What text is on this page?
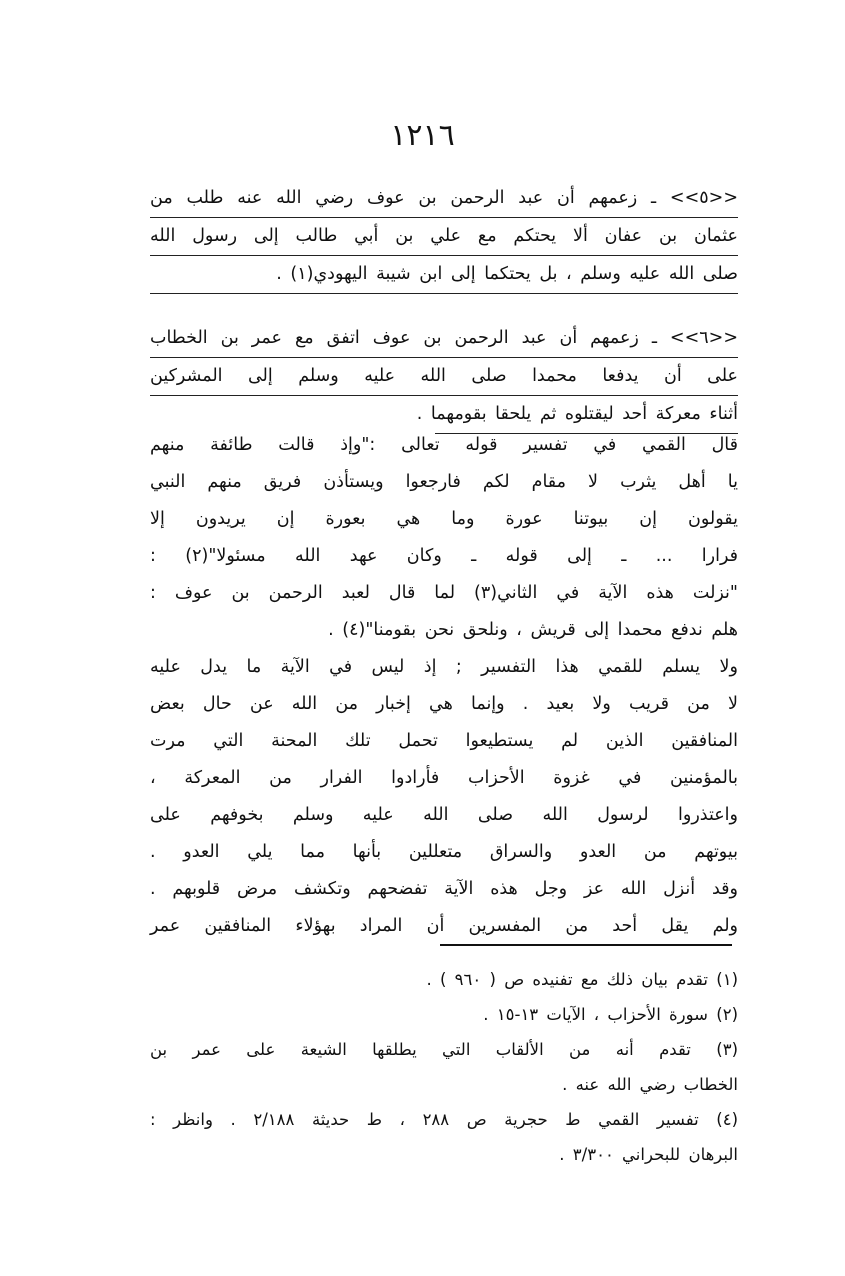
١٢١٦
<<٥>> ـ زعمهم أن عبد الرحمن بن عوف رضي الله عنه طلب من
عثمان بن عفان ألا يحتكم مع علي بن أبي طالب إلى رسول الله
صلى الله عليه وسلم ، بل يحتكما إلى ابن شيبة اليهودي(١) .
<<٦>> ـ زعمهم أن عبد الرحمن بن عوف اتفق مع عمر بن الخطاب
على أن يدفعا محمدا صلى الله عليه وسلم إلى المشركين
أثناء معركة أحد ليقتلوه ثم يلحقا بقومهما .
قال القمي في تفسير قوله تعالى :"وإذ قالت طائفة منهم
يا أهل يثرب لا مقام لكم فارجعوا ويستأذن فريق منهم النبي
يقولون إن بيوتنا عورة وما هي بعورة إن يريدون إلا
فرارا ... ـ إلى قوله ـ وكان عهد الله مسئولا"(٢) :
"نزلت هذه الآية في الثاني(٣) لما قال لعبد الرحمن بن عوف :
هلم ندفع محمدا إلى قريش ، ونلحق نحن بقومنا"(٤) .
ولا يسلم للقمي هذا التفسير ; إذ ليس في الآية ما يدل عليه
لا من قريب ولا بعيد . وإنما هي إخبار من الله عن حال بعض
المنافقين الذين لم يستطيعوا تحمل تلك المحنة التي مرت
بالمؤمنين في غزوة الأحزاب فأرادوا الفرار من المعركة ،
واعتذروا لرسول الله صلى الله عليه وسلم بخوفهم على
بيوتهم من العدو والسراق متعللين بأنها مما يلي العدو .
وقد أنزل الله عز وجل هذه الآية تفضحهم وتكشف مرض قلوبهم .
ولم يقل أحد من المفسرين أن المراد بهؤلاء المنافقين عمر
(١) تقدم بيان ذلك مع تفنيده ص ( ٩٦٠ ) .
(٢) سورة الأحزاب ، الآيات ١٣-١٥ .
(٣) تقدم أنه من الألقاب التي يطلقها الشيعة على عمر بن
الخطاب رضي الله عنه .
(٤) تفسير القمي ط حجرية ص ٢٨٨ ، ط حديثة ٢/١٨٨ . وانظر :
البرهان للبحراني ٣/٣٠٠ .
